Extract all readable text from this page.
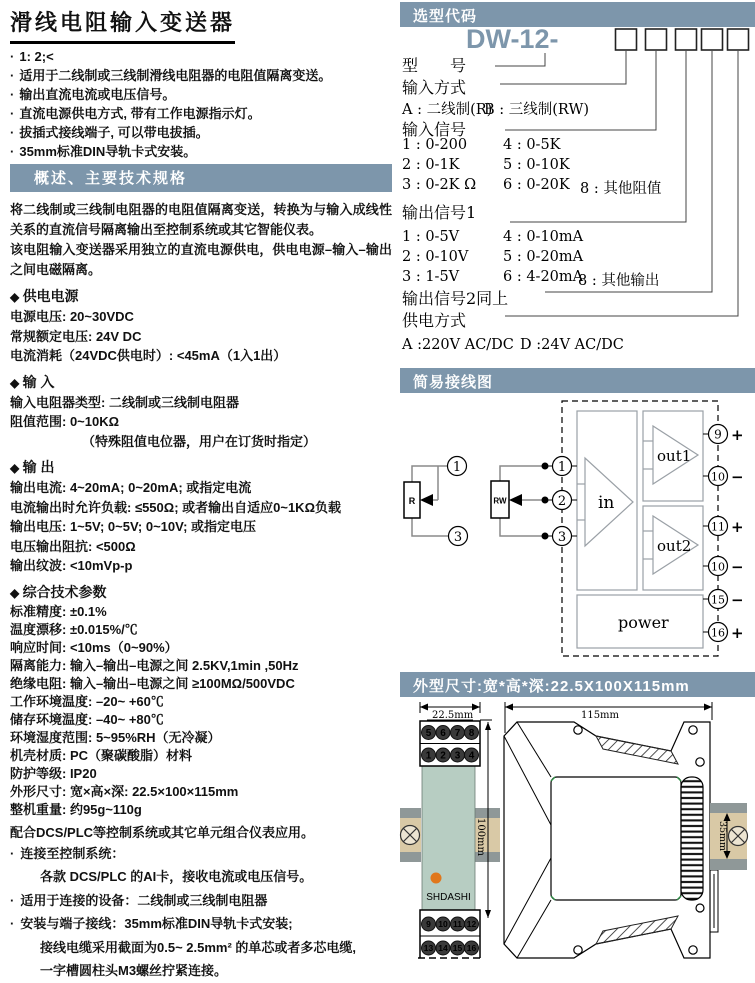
滑线电阻输入变送器
· 1: 2;<
· 适用于二线制或三线制滑线电阻器的电阻值隔离变送。
· 输出直流电流或电压信号。
· 直流电源供电方式, 带有工作电源指示灯。
· 拔插式接线端子, 可以带电拔插。
· 35mm标准DIN导轨卡式安装。
概述、主要技术规格
将二线制或三线制电阻器的电阻值隔离变送，转换为与输入成线性关系的直流信号隔离输出至控制系统或其它智能仪表。
该电阻输入变送器采用独立的直流电源供电，供电电源–输入–输出之间电磁隔离。
◆ 供电电源
电源电压: 20~30VDC
常规额定电压: 24V DC
电流消耗（24VDC供电时）: <45mA（1入1出）
◆ 输 入
输入电阻器类型: 二线制或三线制电阻器
阻值范围: 0~10KΩ
（特殊阻值电位器，用户在订货时指定）
◆ 输 出
输出电流: 4~20mA; 0~20mA; 或指定电流
电流输出时允许负载: ≤550Ω; 或者输出自适应0~1KΩ负载
输出电压: 1~5V; 0~5V; 0~10V; 或指定电压
电压输出阻抗: <500Ω
输出纹波: <10mVp-p
◆ 综合技术参数
标准精度: ±0.1%
温度漂移: ±0.015%/℃
响应时间: <10ms（0~90%）
隔离能力: 输入–输出–电源之间 2.5KV,1min ,50Hz
绝缘电阻: 输入–输出–电源之间 ≥100MΩ/500VDC
工作环境温度: –20~ +60℃
储存环境温度: –40~ +80℃
环境湿度范围: 5~95%RH（无冷凝）
机壳材质: PC（聚碳酸脂）材料
防护等级: IP20
外形尺寸: 宽×高×深: 22.5×100×115mm
整机重量: 约95g~110g
配合DCS/PLC等控制系统或其它单元组合仪表应用。
· 连接至控制系统：
各款 DCS/PLC 的AI卡，接收电流或电压信号。
· 适用于连接的设备：二线制或三线制电阻器
· 安装与端子接线：35mm标准DIN导轨卡式安装;
接线电缆采用截面为0.5~ 2.5mm² 的单芯或者多芯电缆,
一字槽圆柱头M3螺丝拧紧连接。
选型代码
简易接线图
外型尺寸:宽*高*深:22.5X100X115mm
DW-12-
型　　号
输入方式
A : 二线制(R)
B : 三线制(RW)
输入信号
1 : 0-200 4 : 0-5K
2 : 0-1K	5 : 0-10K
3 : 0-2K Ω 6 : 0-20K 8 : 其他阻值
输出信号1
1 : 0-5V	4 : 0-10mA
2 : 0-10V 5 : 0-20mA
3 : 1-5V	6 : 4-20mA
8 : 其他输出
输出信号2同上
供电方式
A :220V AC/DC D :24V AC/DC
in
out1
out2
power
R
1
3
RW
1
2
3
9 +
10 −
11 +
10 −
15 −
16 +
22.5mm
SHDASHI
5 6 7 8
1 2 3 4
9 10 11 12
13 14 15 16
100mm
115mm
35mm
